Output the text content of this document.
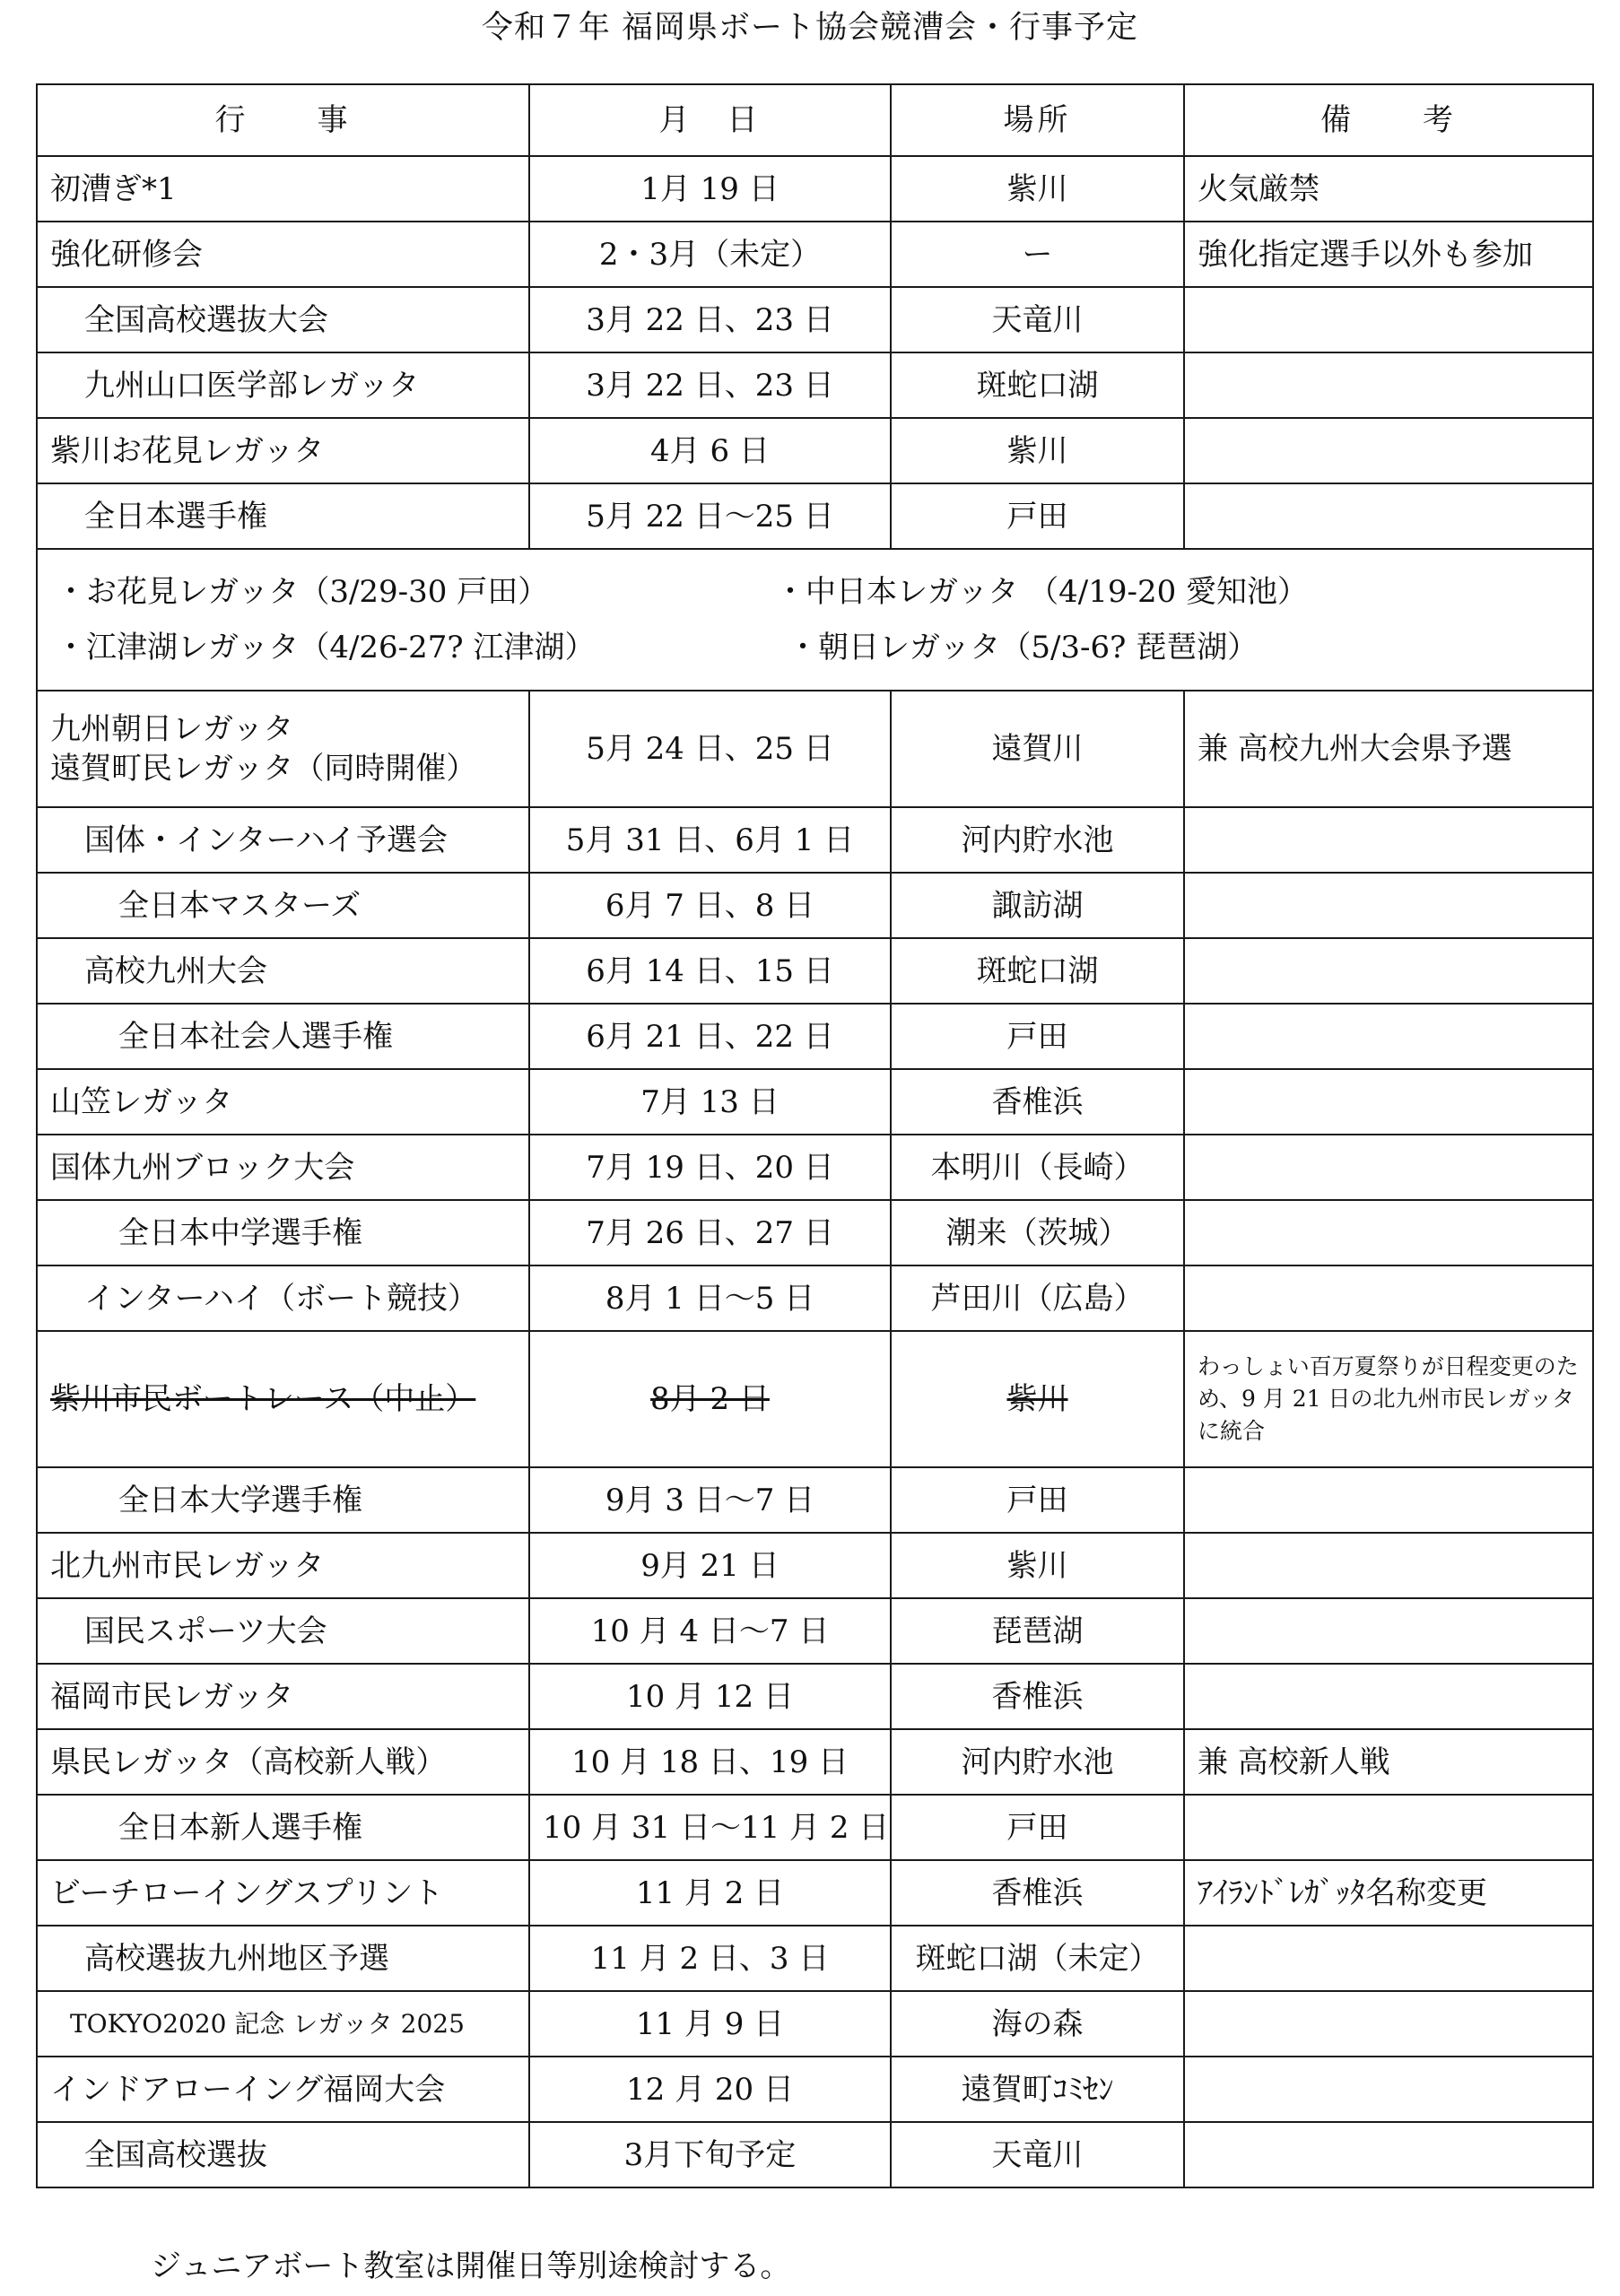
令和７年 福岡県ボート協会競漕会・行事予定
行　　事	月　日	場所	備　　考
初漕ぎ*1	1月 19 日	紫川	火気厳禁
強化研修会	2・3月（未定）	ー	強化指定選手以外も参加
全国高校選抜大会	3月 22 日、23 日	天竜川	
九州山口医学部レガッタ	3月 22 日、23 日	斑蛇口湖	
紫川お花見レガッタ	4月 6 日	紫川	
全日本選手権	5月 22 日～25 日	戸田	

・お花見レガッタ（3/29-30 戸田） ・中日本レガッタ （4/19-20 愛知池）
・江津湖レガッタ（4/26-27? 江津湖） ・朝日レガッタ（5/3-6? 琵琶湖）			

九州朝日レガッタ
遠賀町民レガッタ（同時開催）	5月 24 日、25 日	遠賀川	兼 高校九州大会県予選
国体・インターハイ予選会	5月 31 日、6月 1 日	河内貯水池	
全日本マスターズ	6月 7 日、8 日	諏訪湖	
高校九州大会	6月 14 日、15 日	斑蛇口湖	
全日本社会人選手権	6月 21 日、22 日	戸田	
山笠レガッタ	7月 13 日	香椎浜	
国体九州ブロック大会	7月 19 日、20 日	本明川（長崎）	
全日本中学選手権	7月 26 日、27 日	潮来（茨城）	
インターハイ（ボート競技）	8月 1 日～5 日	芦田川（広島）	
紫川市民ボートレース（中止）	8月 2 日	紫川	わっしょい百万夏祭りが日程変更のため、9 月 21 日の北九州市民レガッタに統合
全日本大学選手権	9月 3 日～7 日	戸田	
北九州市民レガッタ	9月 21 日	紫川	
国民スポーツ大会	10 月 4 日～7 日	琵琶湖	
福岡市民レガッタ	10 月 12 日	香椎浜	
県民レガッタ（高校新人戦）	10 月 18 日、19 日	河内貯水池	兼 高校新人戦
全日本新人選手権	10 月 31 日～11 月 2 日	戸田	
ビーチローイングスプリント	11 月 2 日	香椎浜	ｱｲﾗﾝﾄﾞﾚｶﾞｯﾀ名称変更
高校選抜九州地区予選	11 月 2 日、3 日	斑蛇口湖（未定）	
TOKYO2020 記念 レガッタ 2025	11 月 9 日	海の森	
インドアローイング福岡大会	12 月 20 日	遠賀町ｺﾐｾﾝ	
全国高校選抜	3月下旬予定	天竜川	
ジュニアボート教室は開催日等別途検討する。
